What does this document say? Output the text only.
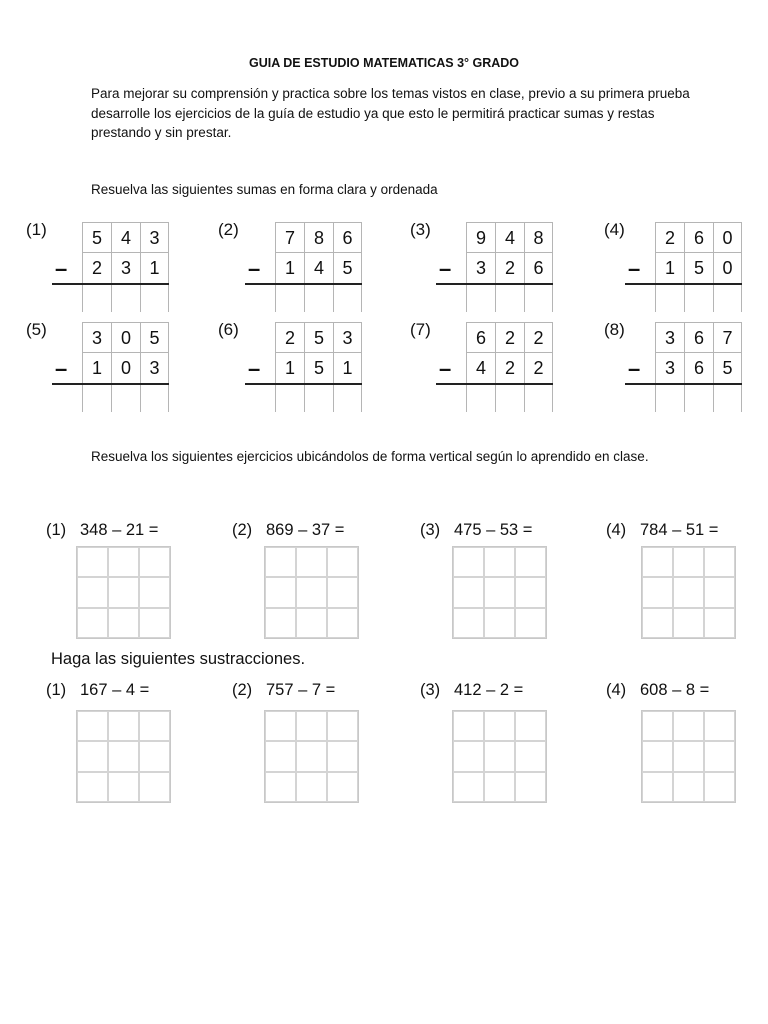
GUIA DE ESTUDIO MATEMATICAS 3° GRADO
Para mejorar su comprensión y practica sobre los temas vistos en clase, previo a su primera prueba desarrolle los ejercicios de la guía de estudio ya que esto le permitirá practicar sumas y restas prestando y sin prestar.
Resuelva las siguientes sumas en forma clara y ordenada
(1)	5	4	3
2	3	1
–
(2)	7	8	6
1	4	5
–
(3)	9	4	8
3	2	6
–
(4)	2	6	0
1	5	0
–
(5)	3	0	5
1	0	3
–
(6)	2	5	3
1	5	1
–
(7)	6	2	2
4	2	2
–
(8)	3	6	7
3	6	5
–
Resuelva los siguientes ejercicios ubicándolos de forma vertical según lo aprendido en clase.
(1) 348 – 21 =	(2) 869 – 37 =	(3) 475 – 53 =	(4) 784 – 51 =
Haga las siguientes sustracciones.
(1) 167 – 4 =	(2) 757 – 7 =	(3) 412 – 2 =	(4) 608 – 8 =
